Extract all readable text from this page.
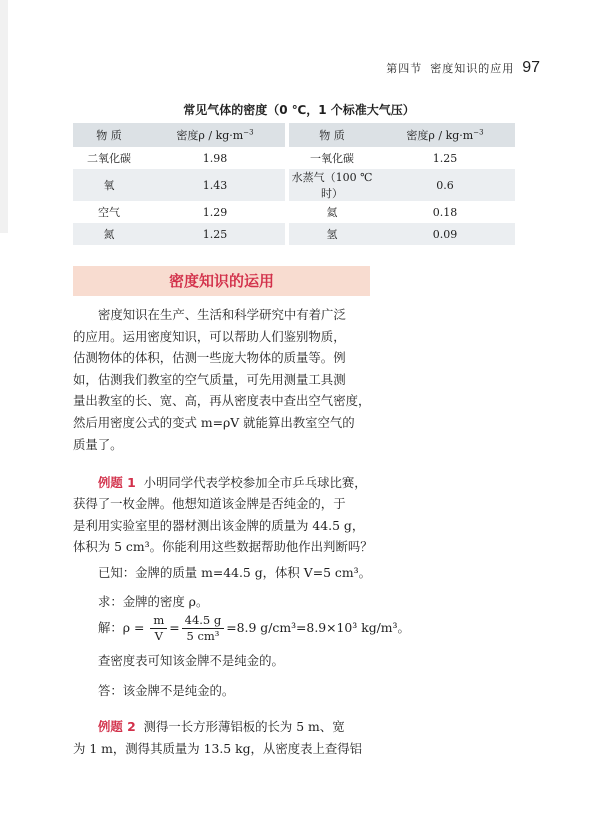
第四节 密度知识的应用 97
常见气体的密度（0 ℃，1 个标准大气压）
物 质	密度$\rho / kg\cdot m^{-3}$		物 质	密度$\rho / kg\cdot m^{-3}$
二氧化碳	1.98		一氧化碳	1.25
氧	1.43		水蒸气（100 ℃时）	0.6
空气	1.29		氦	0.18
氮	1.25		氢	0.09
密度知识的运用
密度知识在生产、生活和科学研究中有着广泛
的应用。运用密度知识，可以帮助人们鉴别物质，
估测物体的体积，估测一些庞大物体的质量等。例
如，估测我们教室的空气质量，可先用测量工具测
量出教室的长、宽、高，再从密度表中查出空气密度，
然后用密度公式的变式 m=ρV 就能算出教室空气的
质量了。
例题 1 小明同学代表学校参加全市乒乓球比赛，
获得了一枚金牌。他想知道该金牌是否纯金的，于
是利用实验室里的器材测出该金牌的质量为 44.5 g，
体积为 5 cm³。你能利用这些数据帮助他作出判断吗？
已知：金牌的质量 m=44.5 g，体积 V=5 cm³。
求：金牌的密度 ρ。
解：$\rho = \frac{m}{V} = \frac{44.5 g}{\text{5 cm³}} =8.9$ g/cm³=8.9×10³ kg/m³。
查密度表可知该金牌不是纯金的。
答：该金牌不是纯金的。
例题 2 测得一长方形薄铝板的长为 5 m、宽
为 1 m，测得其质量为 13.5 kg，从密度表上查得铝
